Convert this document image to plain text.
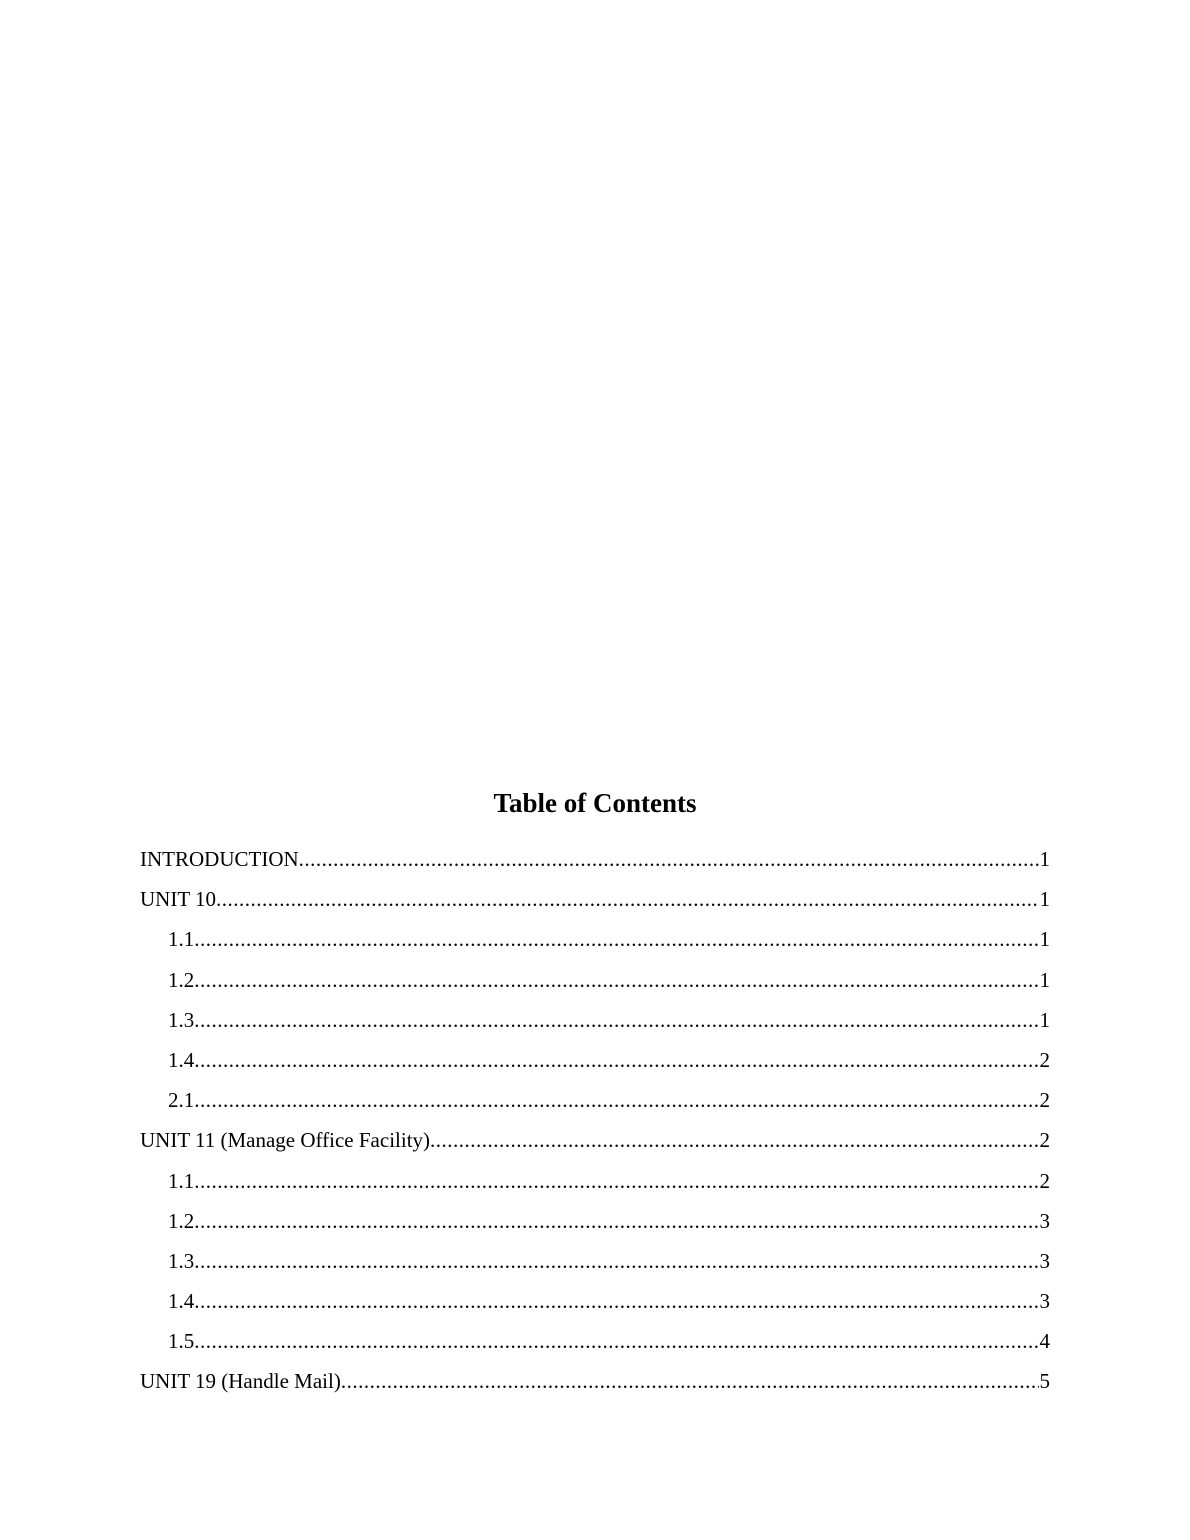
Table of Contents
INTRODUCTION .....	1
UNIT 10 .....	1
1.1 .....	1
1.2 .....	1
1.3 .....	1
1.4 .....	2
2.1 .....	2
UNIT 11 (Manage Office Facility) .....	2
1.1 .....	2
1.2 .....	3
1.3 .....	3
1.4 .....	3
1.5 .....	4
UNIT 19 (Handle Mail) .....	5
